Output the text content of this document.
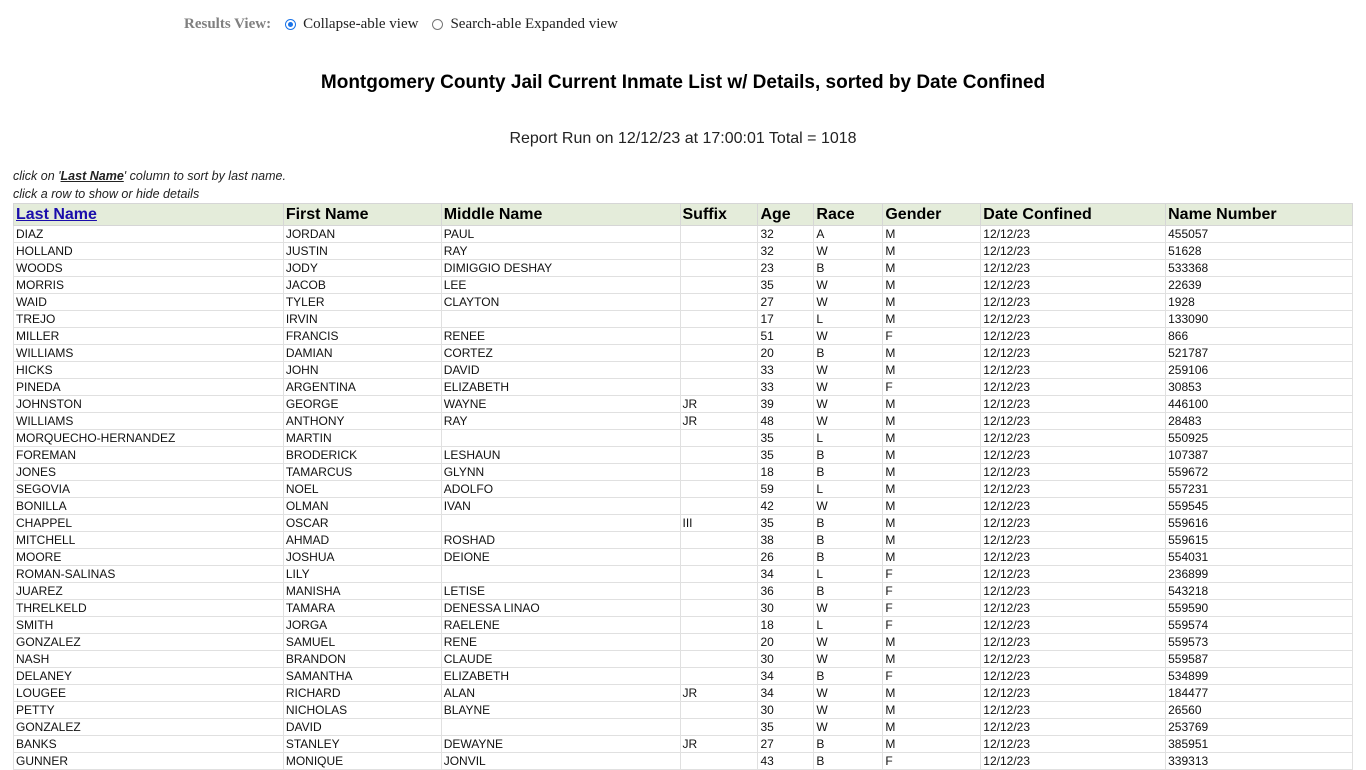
Results View: Collapse-able view Search-able Expanded view
Montgomery County Jail Current Inmate List w/ Details, sorted by Date Confined
Report Run on 12/12/23 at 17:00:01 Total = 1018
click on 'Last Name' column to sort by last name.
click a row to show or hide details
Last Name	First Name	Middle Name	Suffix	Age	Race	Gender	Date Confined	Name Number
DIAZ	JORDAN	PAUL		32	A	M	12/12/23	455057
HOLLAND	JUSTIN	RAY		32	W	M	12/12/23	51628
WOODS	JODY	DIMIGGIO DESHAY		23	B	M	12/12/23	533368
MORRIS	JACOB	LEE		35	W	M	12/12/23	22639
WAID	TYLER	CLAYTON		27	W	M	12/12/23	1928
TREJO	IRVIN			17	L	M	12/12/23	133090
MILLER	FRANCIS	RENEE		51	W	F	12/12/23	866
WILLIAMS	DAMIAN	CORTEZ		20	B	M	12/12/23	521787
HICKS	JOHN	DAVID		33	W	M	12/12/23	259106
PINEDA	ARGENTINA	ELIZABETH		33	W	F	12/12/23	30853
JOHNSTON	GEORGE	WAYNE	JR	39	W	M	12/12/23	446100
WILLIAMS	ANTHONY	RAY	JR	48	W	M	12/12/23	28483
MORQUECHO-HERNANDEZ	MARTIN			35	L	M	12/12/23	550925
FOREMAN	BRODERICK	LESHAUN		35	B	M	12/12/23	107387
JONES	TAMARCUS	GLYNN		18	B	M	12/12/23	559672
SEGOVIA	NOEL	ADOLFO		59	L	M	12/12/23	557231
BONILLA	OLMAN	IVAN		42	W	M	12/12/23	559545
CHAPPEL	OSCAR		III	35	B	M	12/12/23	559616
MITCHELL	AHMAD	ROSHAD		38	B	M	12/12/23	559615
MOORE	JOSHUA	DEIONE		26	B	M	12/12/23	554031
ROMAN-SALINAS	LILY			34	L	F	12/12/23	236899
JUAREZ	MANISHA	LETISE		36	B	F	12/12/23	543218
THRELKELD	TAMARA	DENESSA LINAO		30	W	F	12/12/23	559590
SMITH	JORGA	RAELENE		18	L	F	12/12/23	559574
GONZALEZ	SAMUEL	RENE		20	W	M	12/12/23	559573
NASH	BRANDON	CLAUDE		30	W	M	12/12/23	559587
DELANEY	SAMANTHA	ELIZABETH		34	B	F	12/12/23	534899
LOUGEE	RICHARD	ALAN	JR	34	W	M	12/12/23	184477
PETTY	NICHOLAS	BLAYNE		30	W	M	12/12/23	26560
GONZALEZ	DAVID			35	W	M	12/12/23	253769
BANKS	STANLEY	DEWAYNE	JR	27	B	M	12/12/23	385951
GUNNER	MONIQUE	JONVIL		43	B	F	12/12/23	339313
